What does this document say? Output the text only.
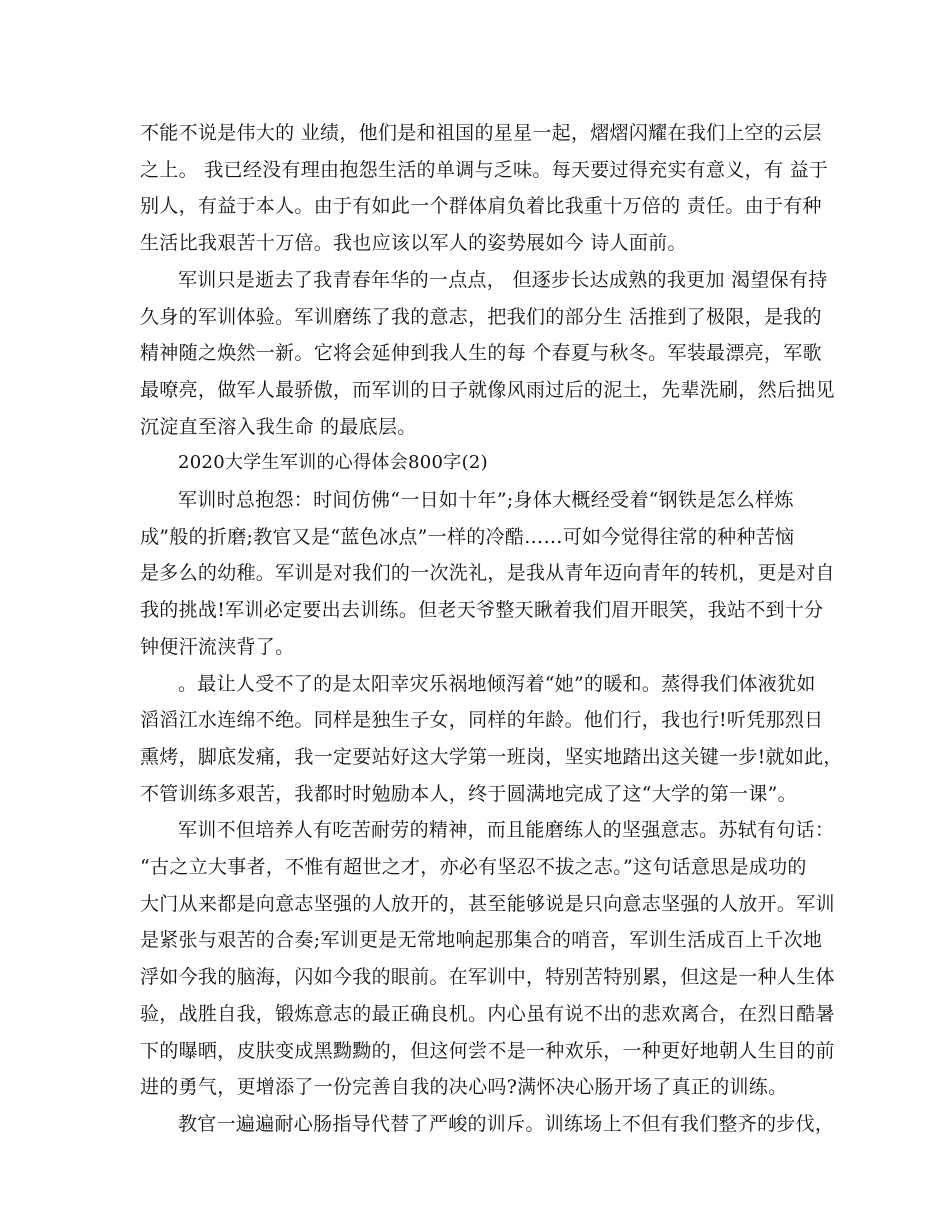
不能不说是伟大的 业绩，他们是和祖国的星星一起，熠熠闪耀在我们上空的云层
之上。 我已经没有理由抱怨生活的单调与乏味。每天要过得充实有意义，有 益于
别人，有益于本人。由于有如此一个群体肩负着比我重十万倍的 责任。由于有种
生活比我艰苦十万倍。我也应该以军人的姿势展如今 诗人面前。

军训只是逝去了我青春年华的一点点， 但逐步长达成熟的我更加 渴望保有持
久身的军训体验。军训磨练了我的意志，把我们的部分生 活推到了极限，是我的
精神随之焕然一新。它将会延伸到我人生的每 个春夏与秋冬。军装最漂亮，军歌
最嘹亮，做军人最骄傲，而军训的日子就像风雨过后的泥土，先辈洗刷，然后拙见
沉淀直至溶入我生命 的最底层。

2020大学生军训的心得体会800字(2)

军训时总抱怨：时间仿佛“一日如十年”;身体大概经受着“钢铁是怎么样炼
成”般的折磨;教官又是“蓝色冰点”一样的冷酷……可如今觉得往常的种种苦恼
是多么的幼稚。军训是对我们的一次洗礼，是我从青年迈向青年的转机，更是对自
我的挑战!军训必定要出去训练。但老天爷整天瞅着我们眉开眼笑，我站不到十分
钟便汗流浃背了。

。最让人受不了的是太阳幸灾乐祸地倾泻着“她”的暖和。蒸得我们体液犹如
滔滔江水连绵不绝。同样是独生子女，同样的年龄。他们行，我也行!听凭那烈日
熏烤，脚底发痛，我一定要站好这大学第一班岗，坚实地踏出这关键一步!就如此，
不管训练多艰苦，我都时时勉励本人，终于圆满地完成了这“大学的第一课”。

军训不但培养人有吃苦耐劳的精神，而且能磨练人的坚强意志。苏轼有句话：
“古之立大事者，不惟有超世之才，亦必有坚忍不拔之志。”这句话意思是成功的
大门从来都是向意志坚强的人放开的，甚至能够说是只向意志坚强的人放开。军训
是紧张与艰苦的合奏;军训更是无常地响起那集合的哨音，军训生活成百上千次地
浮如今我的脑海，闪如今我的眼前。在军训中，特别苦特别累，但这是一种人生体
验，战胜自我，锻炼意志的最正确良机。内心虽有说不出的悲欢离合，在烈日酷暑
下的曝晒，皮肤变成黑黝黝的，但这何尝不是一种欢乐，一种更好地朝人生目的前
进的勇气，更增添了一份完善自我的决心吗?满怀决心肠开场了真正的训练。

教官一遍遍耐心肠指导代替了严峻的训斥。训练场上不但有我们整齐的步伐，
